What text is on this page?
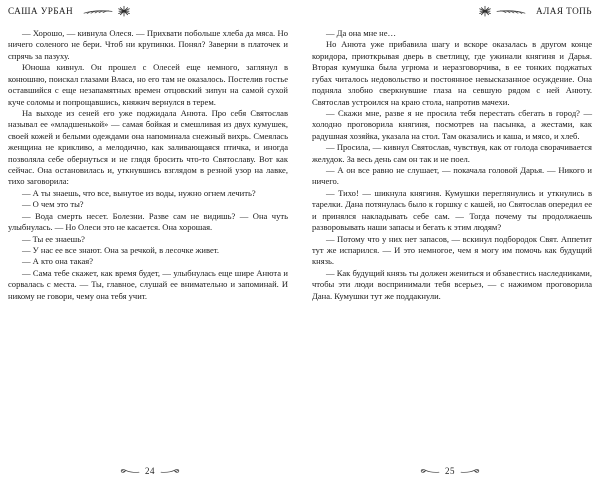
САША УРБАН

— Хорошо, — кивнула Олеся. — Прихвати побольше хлеба да мяса. Но ничего соленого не бери. Чтоб ни крупинки. Понял? Заверни в платочек и спрячь за пазуху.

Юноша кивнул. Он прошел с Олесей еще немного, заглянул в конюшню, поискал глазами Власа, но его там не оказалось. Постелив гостье оставшийся с еще незапамятных времен отцовский зипун на самой сухой куче соломы и попрощавшись, княжич вернулся в терем.

На выходе из сеней его уже поджидала Анюта. Про себя Святослав называл ее «младшенькой» — самая бойкая и смешливая из двух кумушек, своей кожей и белыми одеждами она напоминала снежный вихрь. Смеялась женщина не крикливо, а мелодично, как заливающаяся птичка, и иногда позволяла себе обернуться и не глядя бросить что-то Святославу. Вот как сейчас. Она остановилась и, уткнувшись взглядом в резной узор на лавке, тихо заговорила:

— А ты знаешь, что все, вынутое из воды, нужно огнем лечить?

— О чем это ты?

— Вода смерть несет. Болезни. Разве сам не видишь? — Она чуть улыбнулась. — Но Олеси это не касается. Она хорошая.

— Ты ее знаешь?

— У нас ее все знают. Она за речкой, в лесочке живет.

— А кто она такая?

— Сама тебе скажет, как время будет, — улыбнулась еще шире Анюта и сорвалась с места. — Ты, главное, слушай ее внимательно и запоминай. И никому не говори, чему она тебя учит.

24
АЛАЯ ТОПЬ

— Да она мне не…

Но Анюта уже прибавила шагу и вскоре оказалась в другом конце коридора, приоткрывая дверь в светлицу, где ужинали княгиня и Дарья. Вторая кумушка была угрюма и неразговорчива, в ее тонких поджатых губах читалось недовольство и постоянное невысказанное осуждение. Она подняла злобно сверкнувшие глаза на севшую рядом с ней Анюту. Святослав устроился на краю стола, напротив мачехи.

— Скажи мне, разве я не просила тебя перестать сбегать в город? — холодно проговорила княгиня, посмотрев на пасынка, а жестами, как радушная хозяйка, указала на стол. Там оказались и каша, и мясо, и хлеб.

— Просила, — кивнул Святослав, чувствуя, как от голода сворачивается желудок. За весь день сам он так и не поел.

— А он все равно не слушает, — покачала головой Дарья. — Никого и ничего.

— Тихо! — шикнула княгиня. Кумушки переглянулись и уткнулись в тарелки. Дана потянулась было к горшку с кашей, но Святослав опередил ее и принялся накладывать себе сам. — Тогда почему ты продолжаешь разворовывать наши запасы и бегать к этим людям?

— Потому что у них нет запасов, — вскинул подбородок Свят. Аппетит тут же испарился. — И это немногое, чем я могу им помочь как будущий князь.

— Как будущий князь ты должен жениться и обзавестись наследниками, чтобы эти люди воспринимали тебя всерьез, — с нажимом проговорила Дана. Кумушки тут же поддакнули.

25
